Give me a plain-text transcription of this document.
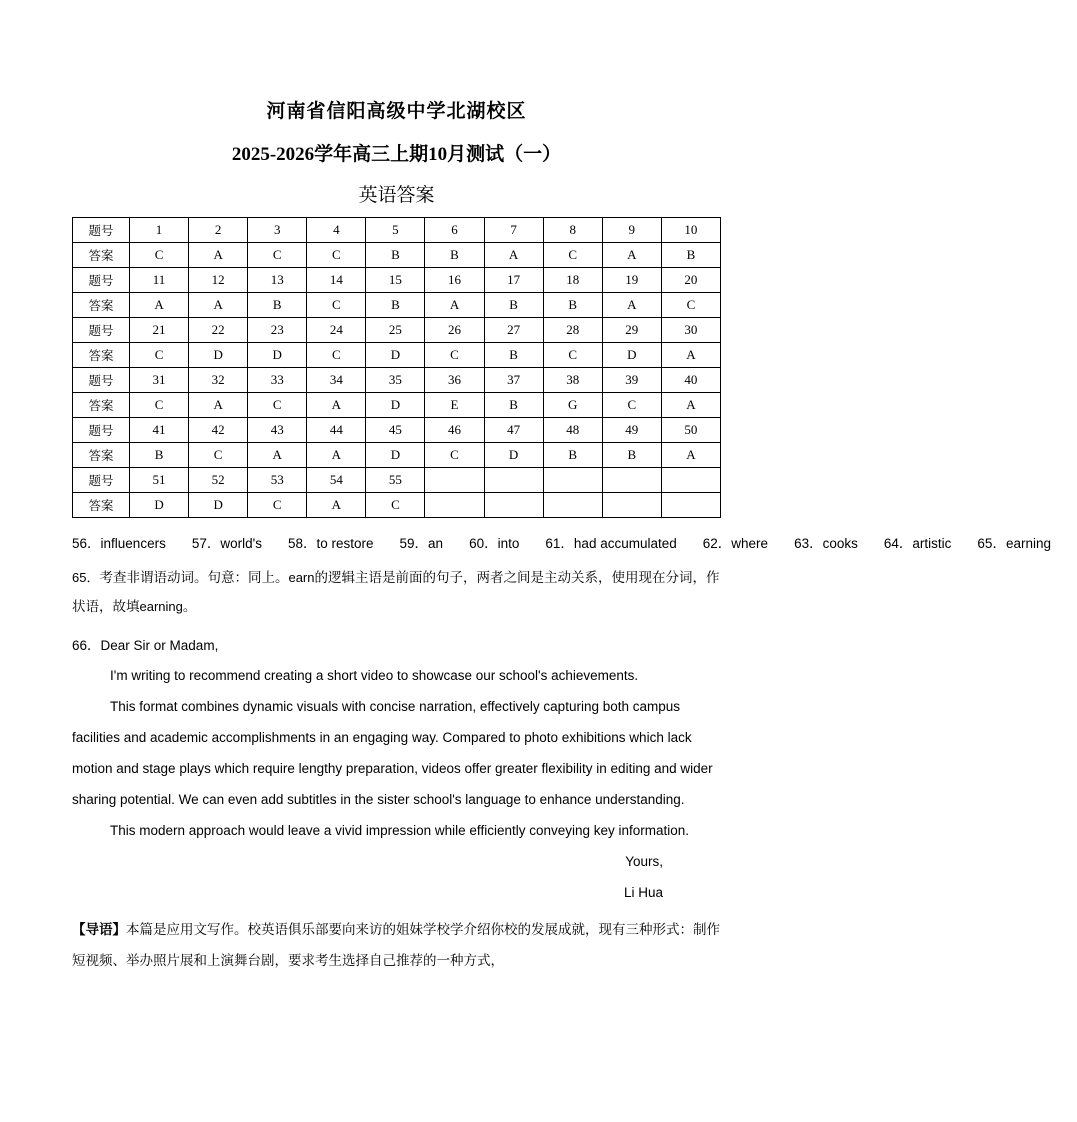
河南省信阳高级中学北湖校区
2025-2026学年高三上期10月测试（一）
英语答案
题号	1	2	3	4	5	6	7	8	9	10
答案	C	A	C	C	B	B	A	C	A	B
题号	11	12	13	14	15	16	17	18	19	20
答案	A	A	B	C	B	A	B	B	A	C
题号	21	22	23	24	25	26	27	28	29	30
答案	C	D	D	C	D	C	B	C	D	A
题号	31	32	33	34	35	36	37	38	39	40
答案	C	A	C	A	D	E	B	G	C	A
题号	41	42	43	44	45	46	47	48	49	50
答案	B	C	A	A	D	C	D	B	B	A
题号	51	52	53	54	55					
答案	D	D	C	A	C					
56．influencers 57．world's 58．to restore 59．an 60．into 61．had accumulated 62．where 63．cooks 64．artistic 65．earning
65．考查非谓语动词。句意：同上。earn的逻辑主语是前面的句子，两者之间是主动关系，使用现在分词，作状语，故填earning。
66．Dear Sir or Madam,

I'm writing to recommend creating a short video to showcase our school's achievements.

This format combines dynamic visuals with concise narration, effectively capturing both campus facilities and academic accomplishments in an engaging way. Compared to photo exhibitions which lack motion and stage plays which require lengthy preparation, videos offer greater flexibility in editing and wider sharing potential. We can even add subtitles in the sister school's language to enhance understanding.

This modern approach would leave a vivid impression while efficiently conveying key information.

Yours,
Li Hua
【导语】本篇是应用文写作。校英语俱乐部要向来访的姐妹学校学介绍你校的发展成就，现有三种形式：制作短视频、举办照片展和上演舞台剧，要求考生选择自己推荐的一种方式，
